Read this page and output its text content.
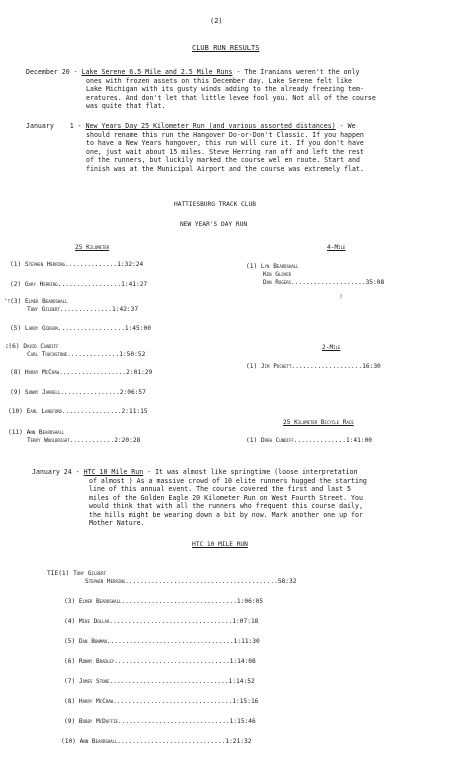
(2)
CLUB RUN RESULTS
December 20 - Lake Serene 6.5 Mile and 2.5 Mile Runs - The Iranians weren't the only
ones with frozen assets on this December day. Lake Serene felt like
Lake Michigan with its gusty winds adding to the already freezing tem-
eratures. And don't let that little levee fool you. Not all of the course
was quite that flat.
January 1 - New Years Day 25 Kilometer Run (and various assorted distances) - We
should rename this run the Hangover Do-or-Don't Classic. If you happen
to have a New Years hangover, this run will cure it. If you don't have
one, just wait about 15 miles. Steve Herring ran off and left the rest
of the runners, but luckily marked the course wel en route. Start and
finish was at the Municipal Airport and the course was extremely flat.
HATTIESBURG TRACK CLUB
NEW YEAR'S DAY RUN
25 Kilometer
(1) Stephen Herring..............1:32:24
(2) Gary Herring.................1:41:27
't(3) Elmer Beardshall
Tony Gilbert..............1:42:37
(5) Larry Gibson..................1:45:00
c(6) David Cundiff
Carl Touchstone..............1:50:52
(8) Harry McCraw..................2:01:29
(9) Sonny Jarrell................2:06:57
(10) Earl Langford................2:11:15
(11) Ann Beardshall
Terry Woolbright............2:20:28
4-Mile
(1) Lyn Beardshall
Ken Glover
Dan Rogers....................35:08
?
2-Mile
(1) Jim Puckett...................16:30
25 Kilometer Bicycle Race
(1) Drew Cundiff..............1:41:00
January 24 - HTC 10 Mile Run - It was almost like springtime (loose interpretation
of almost ) As a massive crowd of 10 elite runners hugged the starting
line of this annual event. The course covered the first and last 5
miles of the Golden Eagle 20 Kilometer Run on West Fourth Street. You
would think that with all the runners who frequent this course daily,
the hills might be wearing down a bit by now. Mark another one up for
Mother Nature.
HTC 10 MILE RUN
TIE(1) Tony Gilbert
Stephen Herring.........................................58:32
(3) Elmer Beardshall...............................1:06:05
(4) Mike Dollar.................................1:07:18
(5) Dan Bowman..................................1:11:30
(6) Ronny Bradley...............................1:14:08
(7) James Stone................................1:14:52
(8) Harry McCraw................................1:15:16
(9) Bobby McDuffie..............................1:15:46
(10) Ann Beardshall.............................1:21:32
